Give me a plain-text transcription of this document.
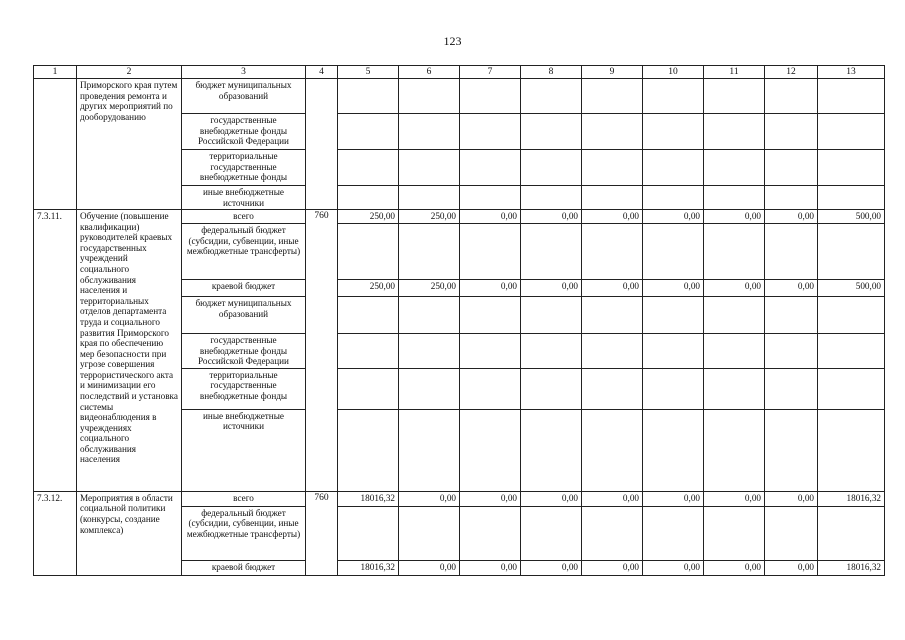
123
1	2	3	4	5	6	7	8	9	10	11	12	13
	Приморского края путем проведения ремонта и других мероприятий по дооборудованию	бюджет муниципальных образований										
		государственные внебюджетные фонды Российской Федерации										
		территориальные государственные внебюджетные фонды										
		иные внебюджетные источники										
7.3.11.	Обучение (повышение квалификации) руководителей краевых государственных учреждений социального обслуживания населения и территориальных отделов департамента труда и социального развития Приморского края по обеспечению мер безопасности при угрозе совершения террористического акта и минимизации его последствий и установка системы видеонаблюдения в учреждениях социального обслуживания населения	всего	760	250,00	250,00	0,00	0,00	0,00	0,00	0,00	0,00	500,00
		федеральный бюджет (субсидии, субвенции, иные межбюджетные трансферты)										
		краевой бюджет		250,00	250,00	0,00	0,00	0,00	0,00	0,00	0,00	500,00
		бюджет муниципальных образований										
		государственные внебюджетные фонды Российской Федерации										
		территориальные государственные внебюджетные фонды										
		иные внебюджетные источники										
7.3.12.	Мероприятия в области социальной политики (конкурсы, создание комплекса)	всего	760	18016,32	0,00	0,00	0,00	0,00	0,00	0,00	0,00	18016,32
		федеральный бюджет (субсидии, субвенции, иные межбюджетные трансферты)										
		краевой бюджет		18016,32	0,00	0,00	0,00	0,00	0,00	0,00	0,00	18016,32
